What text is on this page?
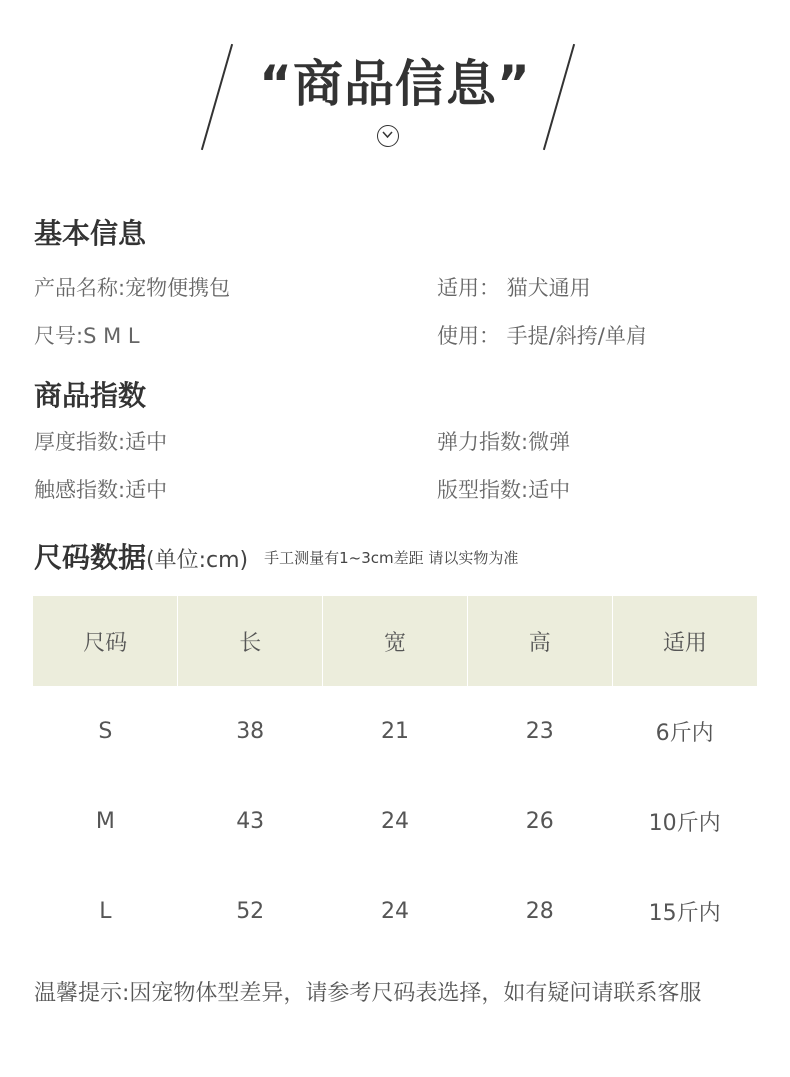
“商品信息”
基本信息
产品名称:宠物便携包	适用： 猫犬通用
尺号:S M L	使用： 手提/斜挎/单肩
商品指数
厚度指数:适中	弹力指数:微弹
触感指数:适中	版型指数:适中
尺码数据(单位:cm) 手工测量有1~3cm差距 请以实物为准
尺码	长	宽	高	适用
S	38	21	23	6斤内
M	43	24	26	10斤内
L	52	24	28	15斤内
温馨提示:因宠物体型差异，请参考尺码表选择，如有疑问请联系客服
